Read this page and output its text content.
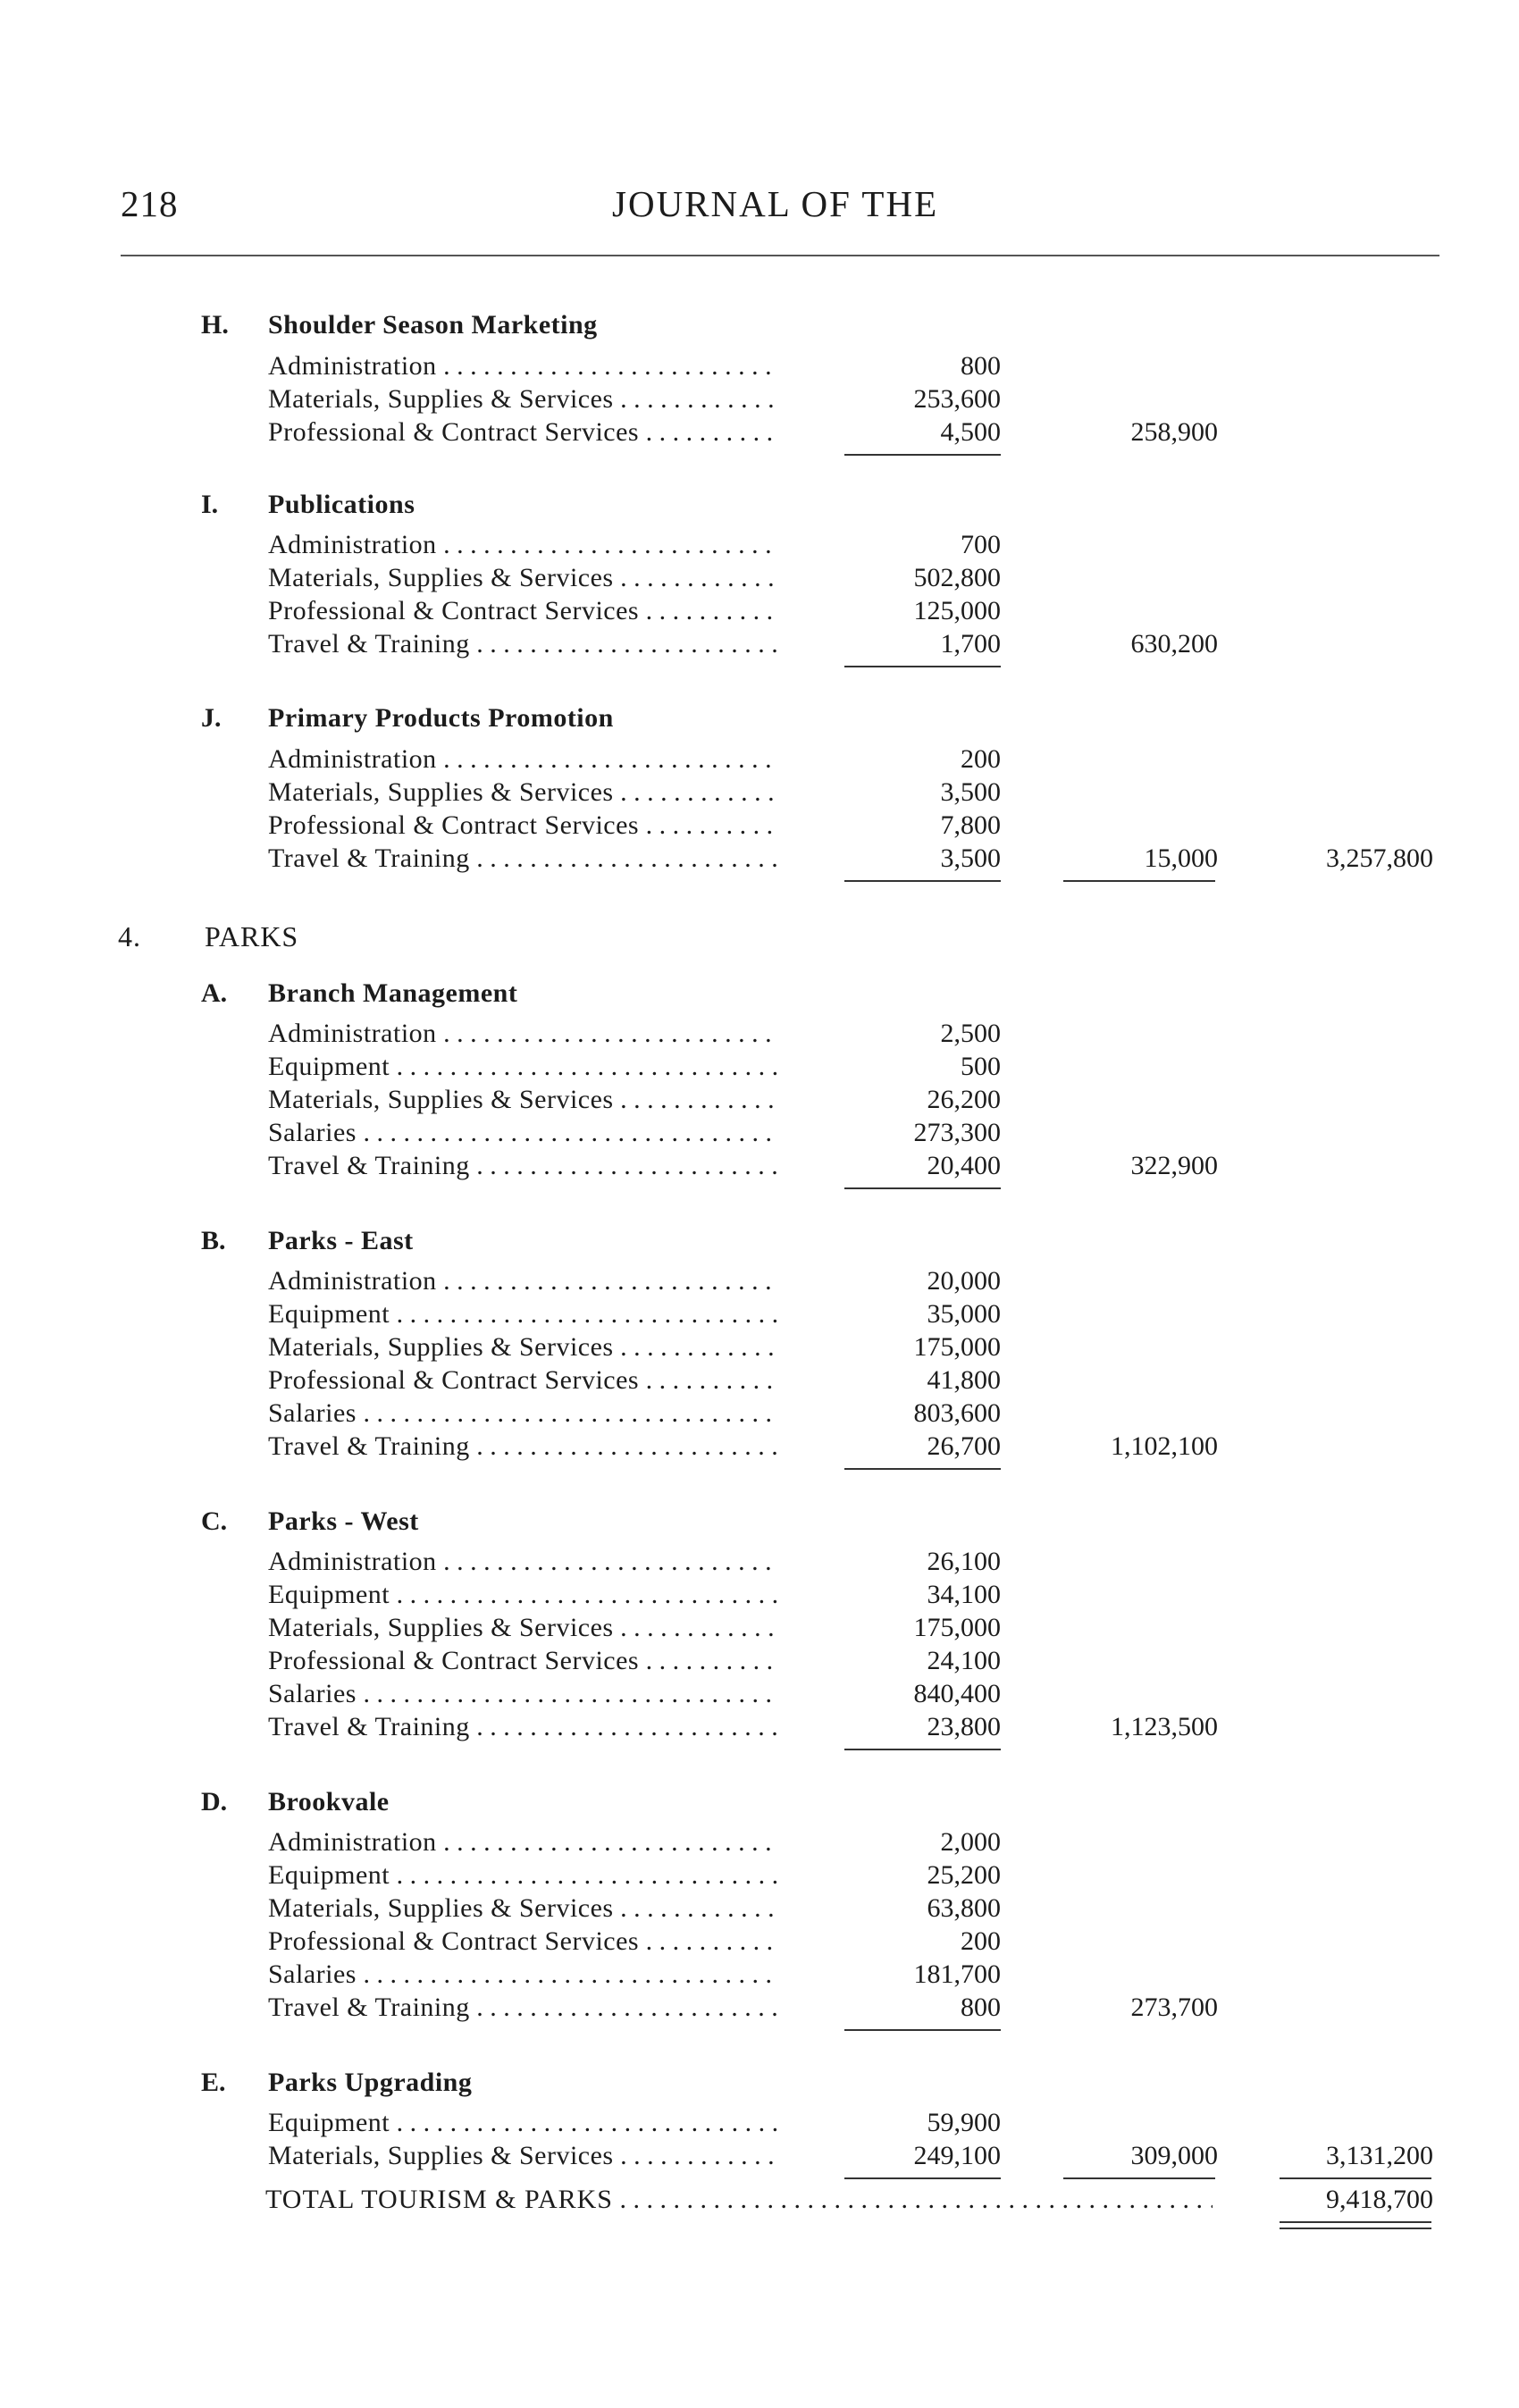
218	JOURNAL OF THE
H. Shoulder Season Marketing
Administration . . .	800
Materials, Supplies & Services . . .	253,600
Professional & Contract Services . . .	4,500	258,900
I. Publications
Administration . . .	700
Materials, Supplies & Services . . .	502,800
Professional & Contract Services . . .	125,000
Travel & Training . . .	1,700	630,200
J. Primary Products Promotion
Administration . . .	200
Materials, Supplies & Services . . .	3,500
Professional & Contract Services . . .	7,800
Travel & Training . . .	3,500	15,000	3,257,800
4. PARKS
A. Branch Management
Administration . . .	2,500
Equipment . . .	500
Materials, Supplies & Services . . .	26,200
Salaries . . .	273,300
Travel & Training . . .	20,400	322,900
B. Parks - East
Administration . . .	20,000
Equipment . . .	35,000
Materials, Supplies & Services . . .	175,000
Professional & Contract Services . . .	41,800
Salaries . . .	803,600
Travel & Training . . .	26,700	1,102,100
C. Parks - West
Administration . . .	26,100
Equipment . . .	34,100
Materials, Supplies & Services . . .	175,000
Professional & Contract Services . . .	24,100
Salaries . . .	840,400
Travel & Training . . .	23,800	1,123,500
D. Brookvale
Administration . . .	2,000
Equipment . . .	25,200
Materials, Supplies & Services . . .	63,800
Professional & Contract Services . . .	200
Salaries . . .	181,700
Travel & Training . . .	800	273,700
E. Parks Upgrading
Equipment . . .	59,900
Materials, Supplies & Services . . .	249,100	309,000	3,131,200
TOTAL TOURISM & PARKS . . .	9,418,700
